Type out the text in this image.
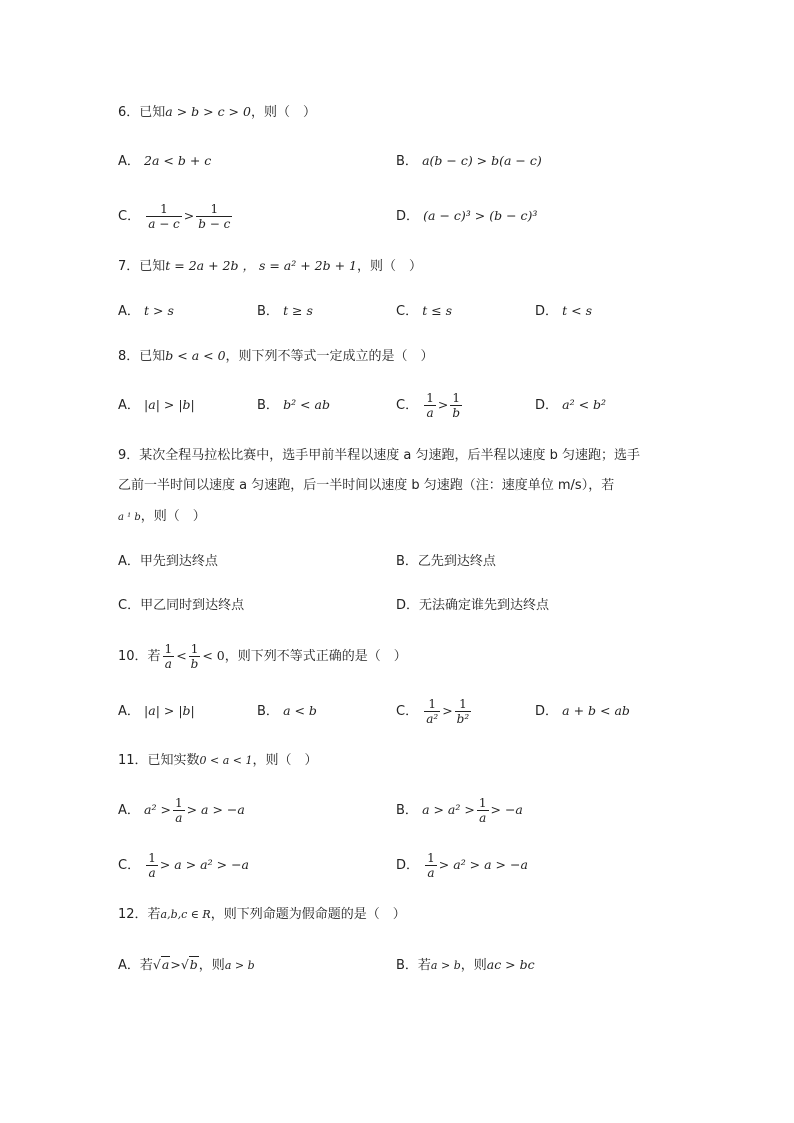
6．已知a > b > c > 0，则（　）
A． 2a < b + c	B． a(b − c) > b(a − c)
C． $\frac{1}{a - c} > \frac{1}{b - c}$	D． (a − c)³ > (b − c)³
7．已知t = 2a + 2b ， s = a² + 2b + 1，则（　）
A． t > s	B． t ≥ s	C． t ≤ s	D． t < s
8．已知b < a < 0，则下列不等式一定成立的是（　）
A． |a| > |b|	B． b² < ab	C． $\frac{1}{a} > \frac{1}{b}$	D． a² < b²
9．某次全程马拉松比赛中，选手甲前半程以速度 a 匀速跑，后半程以速度 b 匀速跑；选手
乙前一半时间以速度 a 匀速跑，后一半时间以速度 b 匀速跑（注：速度单位 m/s），若
a ¹ b，则（　）
A．甲先到达终点	B．乙先到达终点
C．甲乙同时到达终点	D．无法确定谁先到达终点
10．若 $\frac{1}{a} < \frac{1}{b} < 0$，则下列不等式正确的是（　）
A． |a| > |b|	B． a < b	C． $\frac{1}{\text{a²}} > \frac{1}{\text{b²}}$	D． a + b < ab
11．已知实数0 < a < 1，则（　）
A． $a^2 > \frac{1}{a} > a > -a$	B． $a > a^2 > \frac{1}{a} > -a$
C． $\frac{1}{a} > a > a^2 > -a$	D． $\frac{1}{a} > a^2 > a > -a$
12．若a,b,c ∈ R，则下列命题为假命题的是（　）
A．若√a>√b，则a > b	B．若a > b，则ac > bc
